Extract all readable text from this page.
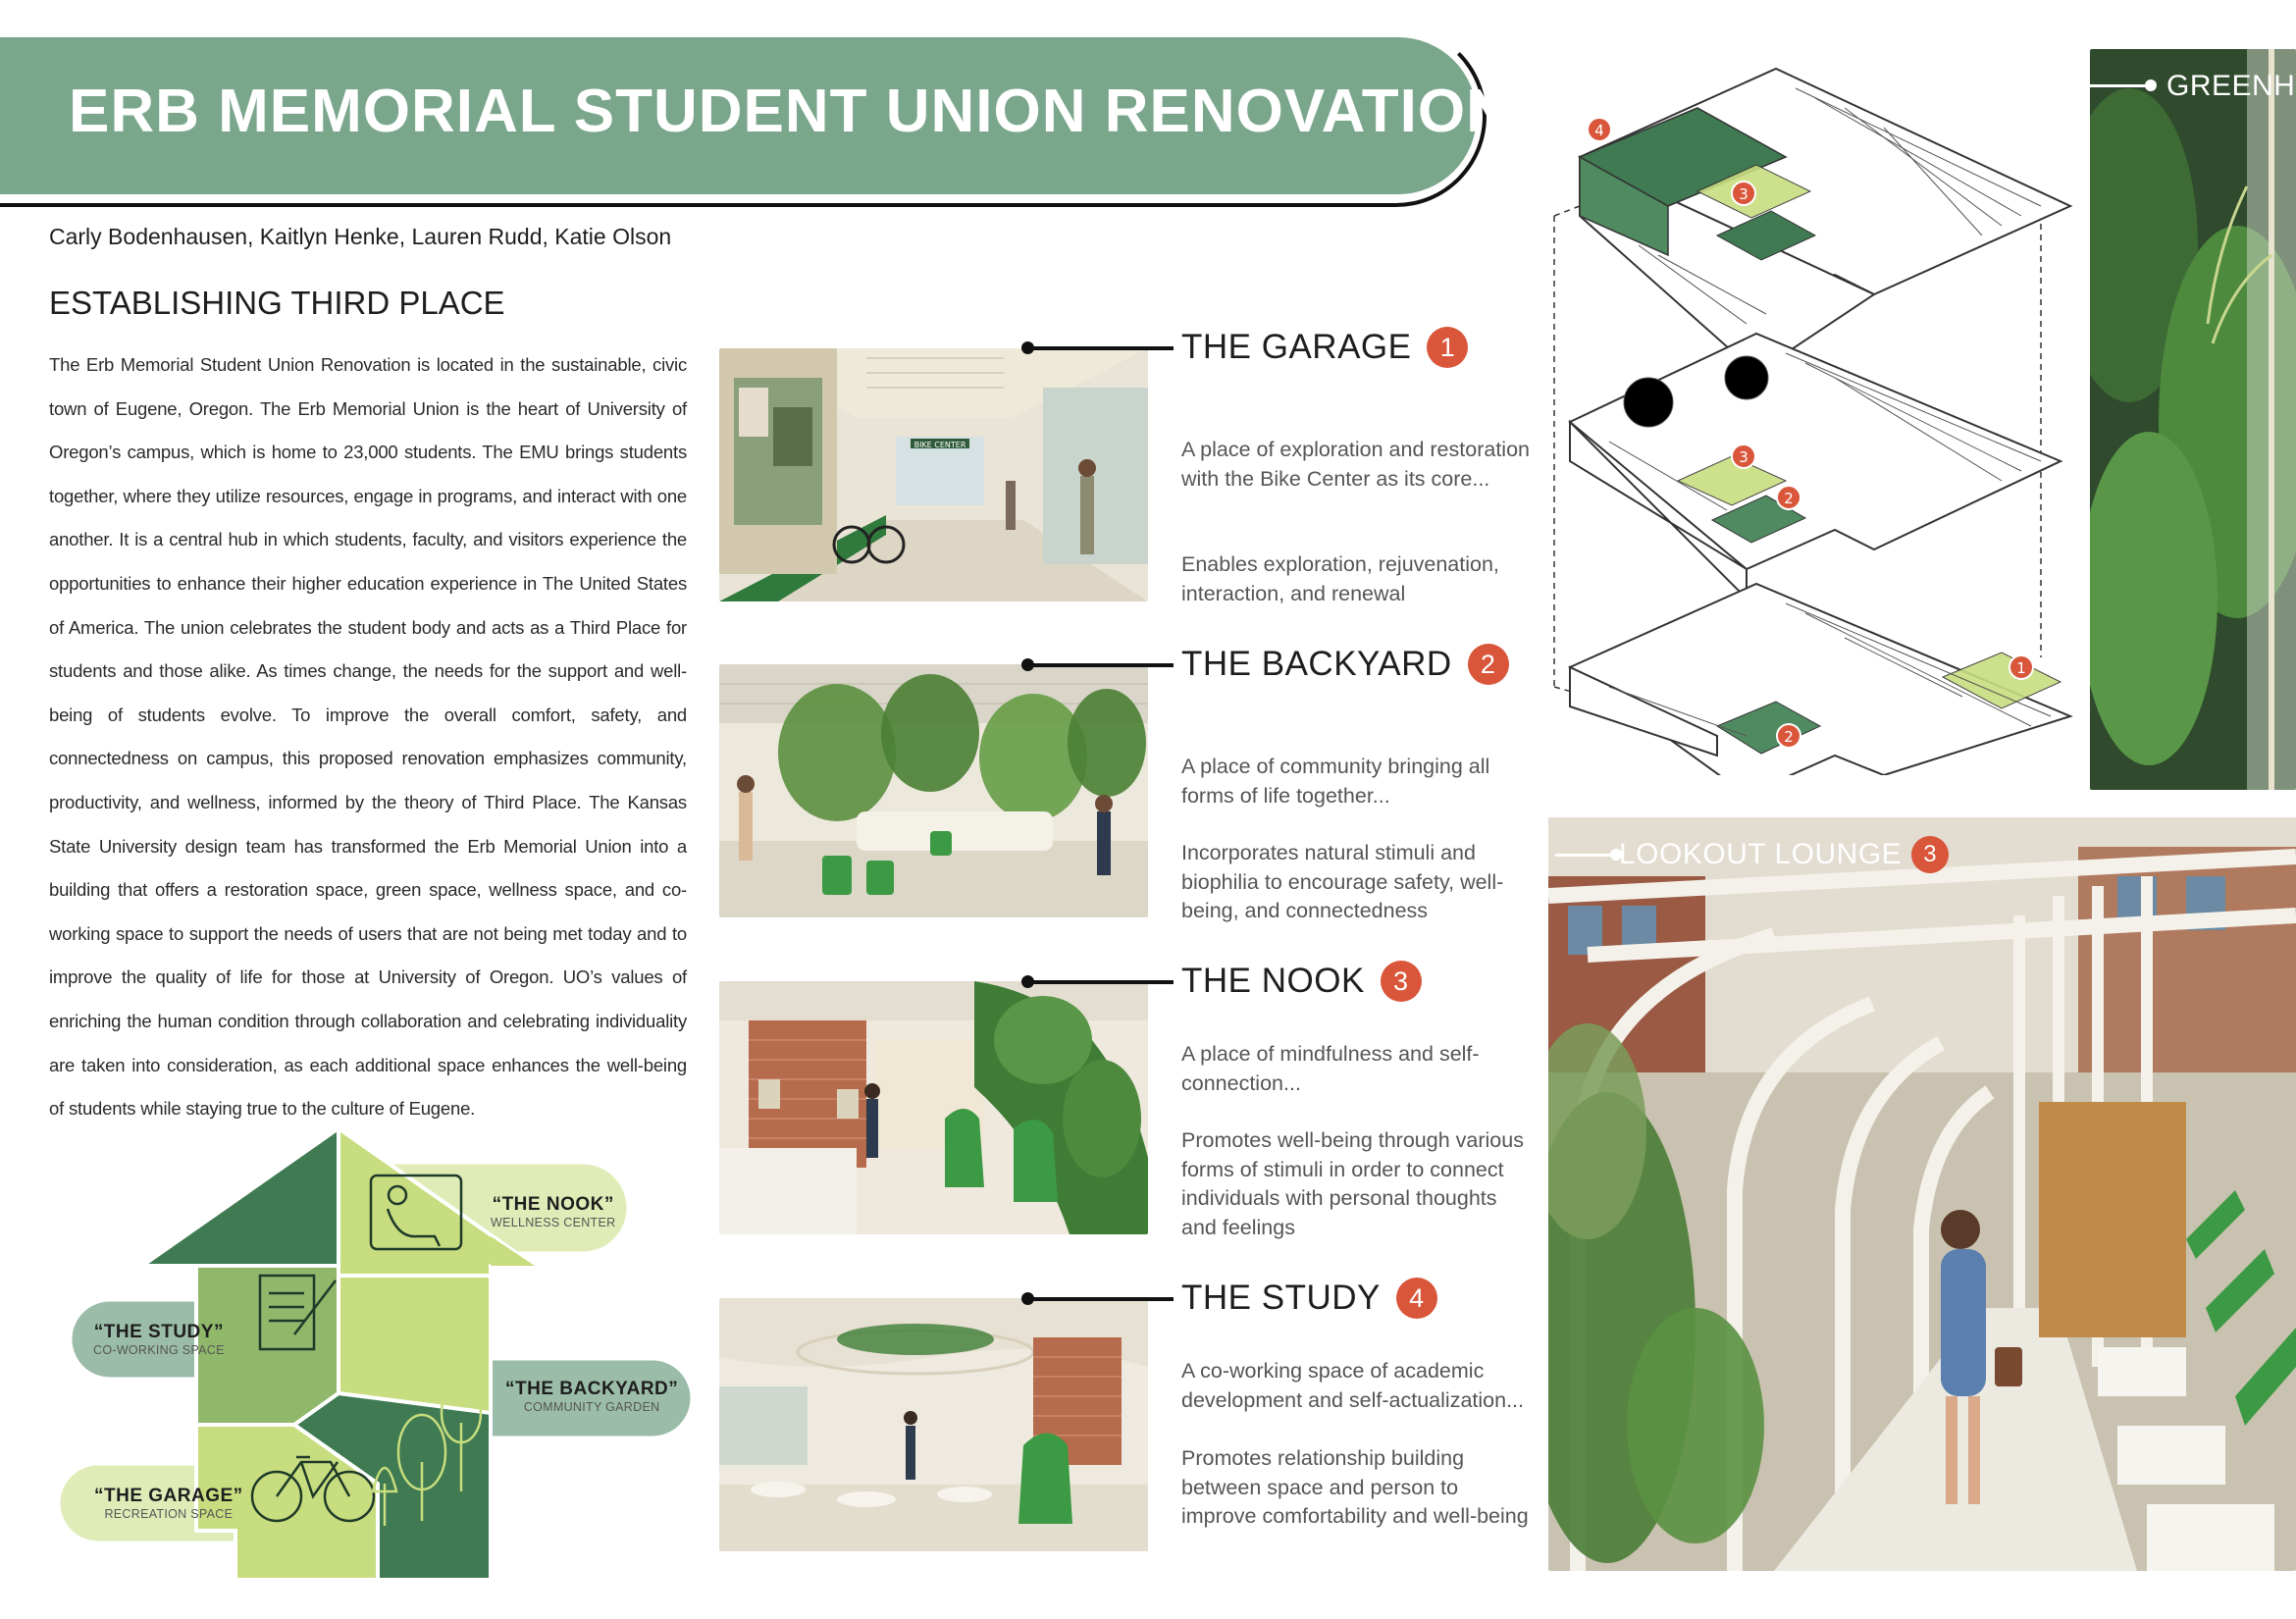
ERB MEMORIAL STUDENT UNION RENOVATION
Carly Bodenhausen, Kaitlyn Henke, Lauren Rudd, Katie Olson
ESTABLISHING THIRD PLACE
The Erb Memorial Student Union Renovation is located in the sustainable, civic town of Eugene, Oregon. The Erb Memorial Union is the heart of University of Oregon’s campus, which is home to 23,000 students. The EMU brings students together, where they utilize resources, engage in programs, and interact with one another. It is a central hub in which students, faculty, and visitors experience the opportunities to enhance their higher education experience in The United States of America. The union celebrates the student body and acts as a Third Place for students and those alike. As times change, the needs for the support and well-being of students evolve. To improve the overall comfort, safety, and connectedness on campus, this proposed renovation emphasizes community, productivity, and wellness, informed by the theory of Third Place. The Kansas State University design team has transformed the Erb Memorial Union into a building that offers a restoration space, green space, wellness space, and co-working space to support the needs of users that are not being met today and to improve the quality of life for those at University of Oregon. UO’s values of enriching the human condition through collaboration and celebrating individuality are taken into consideration, as each additional space enhances the well-being of students while staying true to the culture of Eugene.
“THE NOOK”
WELLNESS CENTER
“THE STUDY”
CO-WORKING SPACE
“THE BACKYARD”
COMMUNITY GARDEN
“THE GARAGE”
RECREATION SPACE
BIKE CENTER
THE GARAGE	1
A place of exploration and restoration with the Bike Center as its core...
Enables exploration, rejuvenation, interaction, and renewal
THE BACKYARD	2
A place of community bringing all forms of life together...
Incorporates natural stimuli and biophilia to encourage safety, well-being, and connectedness
THE NOOK	3
A place of mindfulness and self-connection...
Promotes well-being through various forms of stimuli in order to connect individuals with personal thoughts and feelings
THE STUDY	4
A co-working space of academic development and self-actualization...
Promotes relationship building between space and person to improve comfortability and well-being
4
3
3
2
1
2
GREENH
LOOKOUT LOUNGE 3
